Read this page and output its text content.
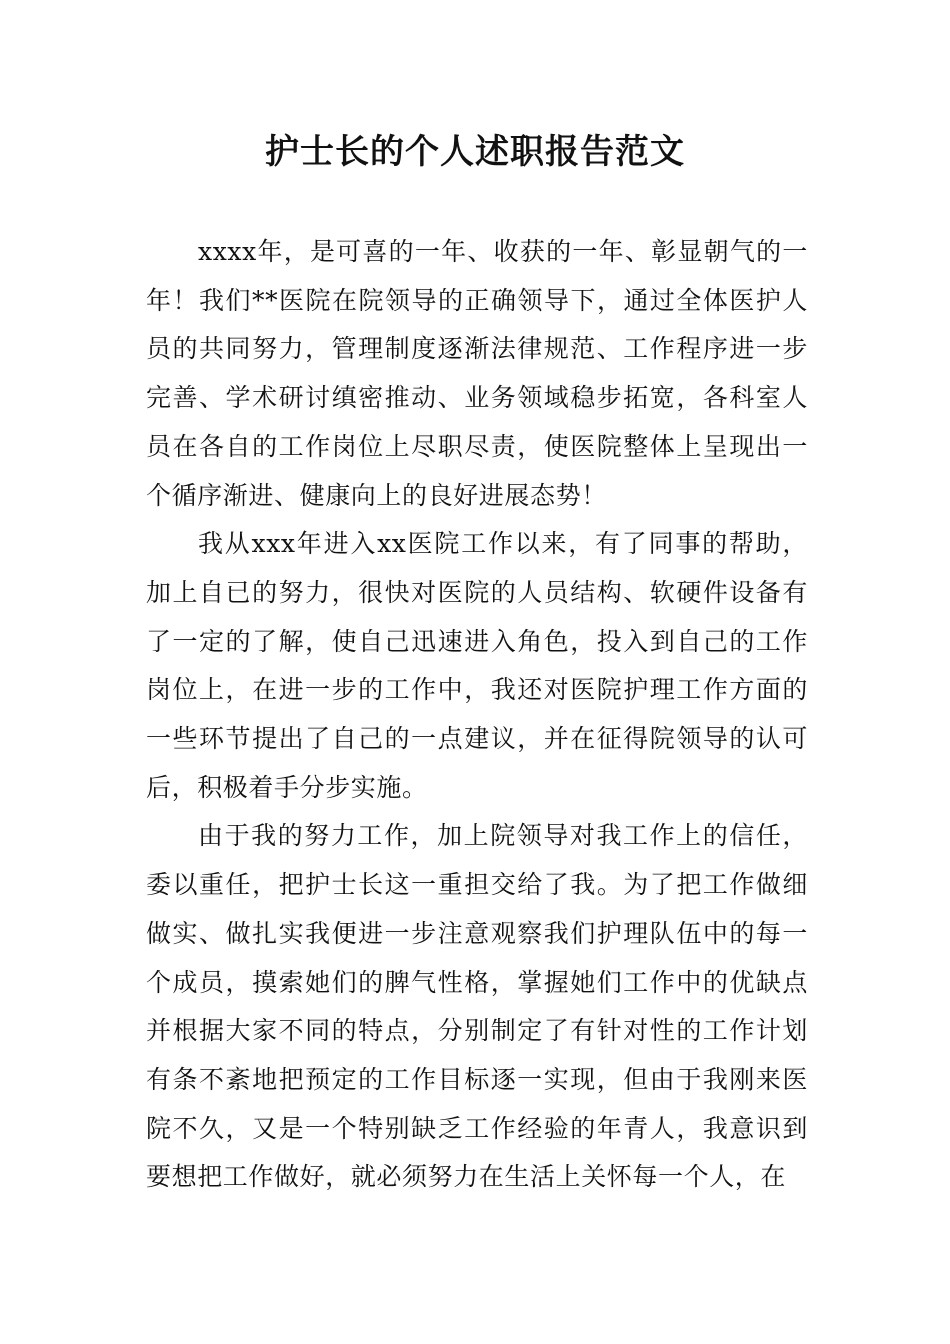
护士长的个人述职报告范文

xxxx年，是可喜的一年、收获的一年、彰显朝气的一年！我们**医院在院领导的正确领导下，通过全体医护人员的共同努力，管理制度逐渐法律规范、工作程序进一步完善、学术研讨缜密推动、业务领域稳步拓宽，各科室人员在各自的工作岗位上尽职尽责，使医院整体上呈现出一个循序渐进、健康向上的良好进展态势！

我从xxx年进入xx医院工作以来，有了同事的帮助，加上自已的努力，很快对医院的人员结构、软硬件设备有了一定的了解，使自己迅速进入角色，投入到自己的工作岗位上，在进一步的工作中，我还对医院护理工作方面的一些环节提出了自己的一点建议，并在征得院领导的认可后，积极着手分步实施。

由于我的努力工作，加上院领导对我工作上的信任，委以重任，把护士长这一重担交给了我。为了把工作做细做实、做扎实我便进一步注意观察我们护理队伍中的每一个成员，摸索她们的脾气性格，掌握她们工作中的优缺点并根据大家不同的特点，分别制定了有针对性的工作计划有条不紊地把预定的工作目标逐一实现，但由于我刚来医院不久，又是一个特别缺乏工作经验的年青人，我意识到要想把工作做好，就必须努力在生活上关怀每一个人，在
